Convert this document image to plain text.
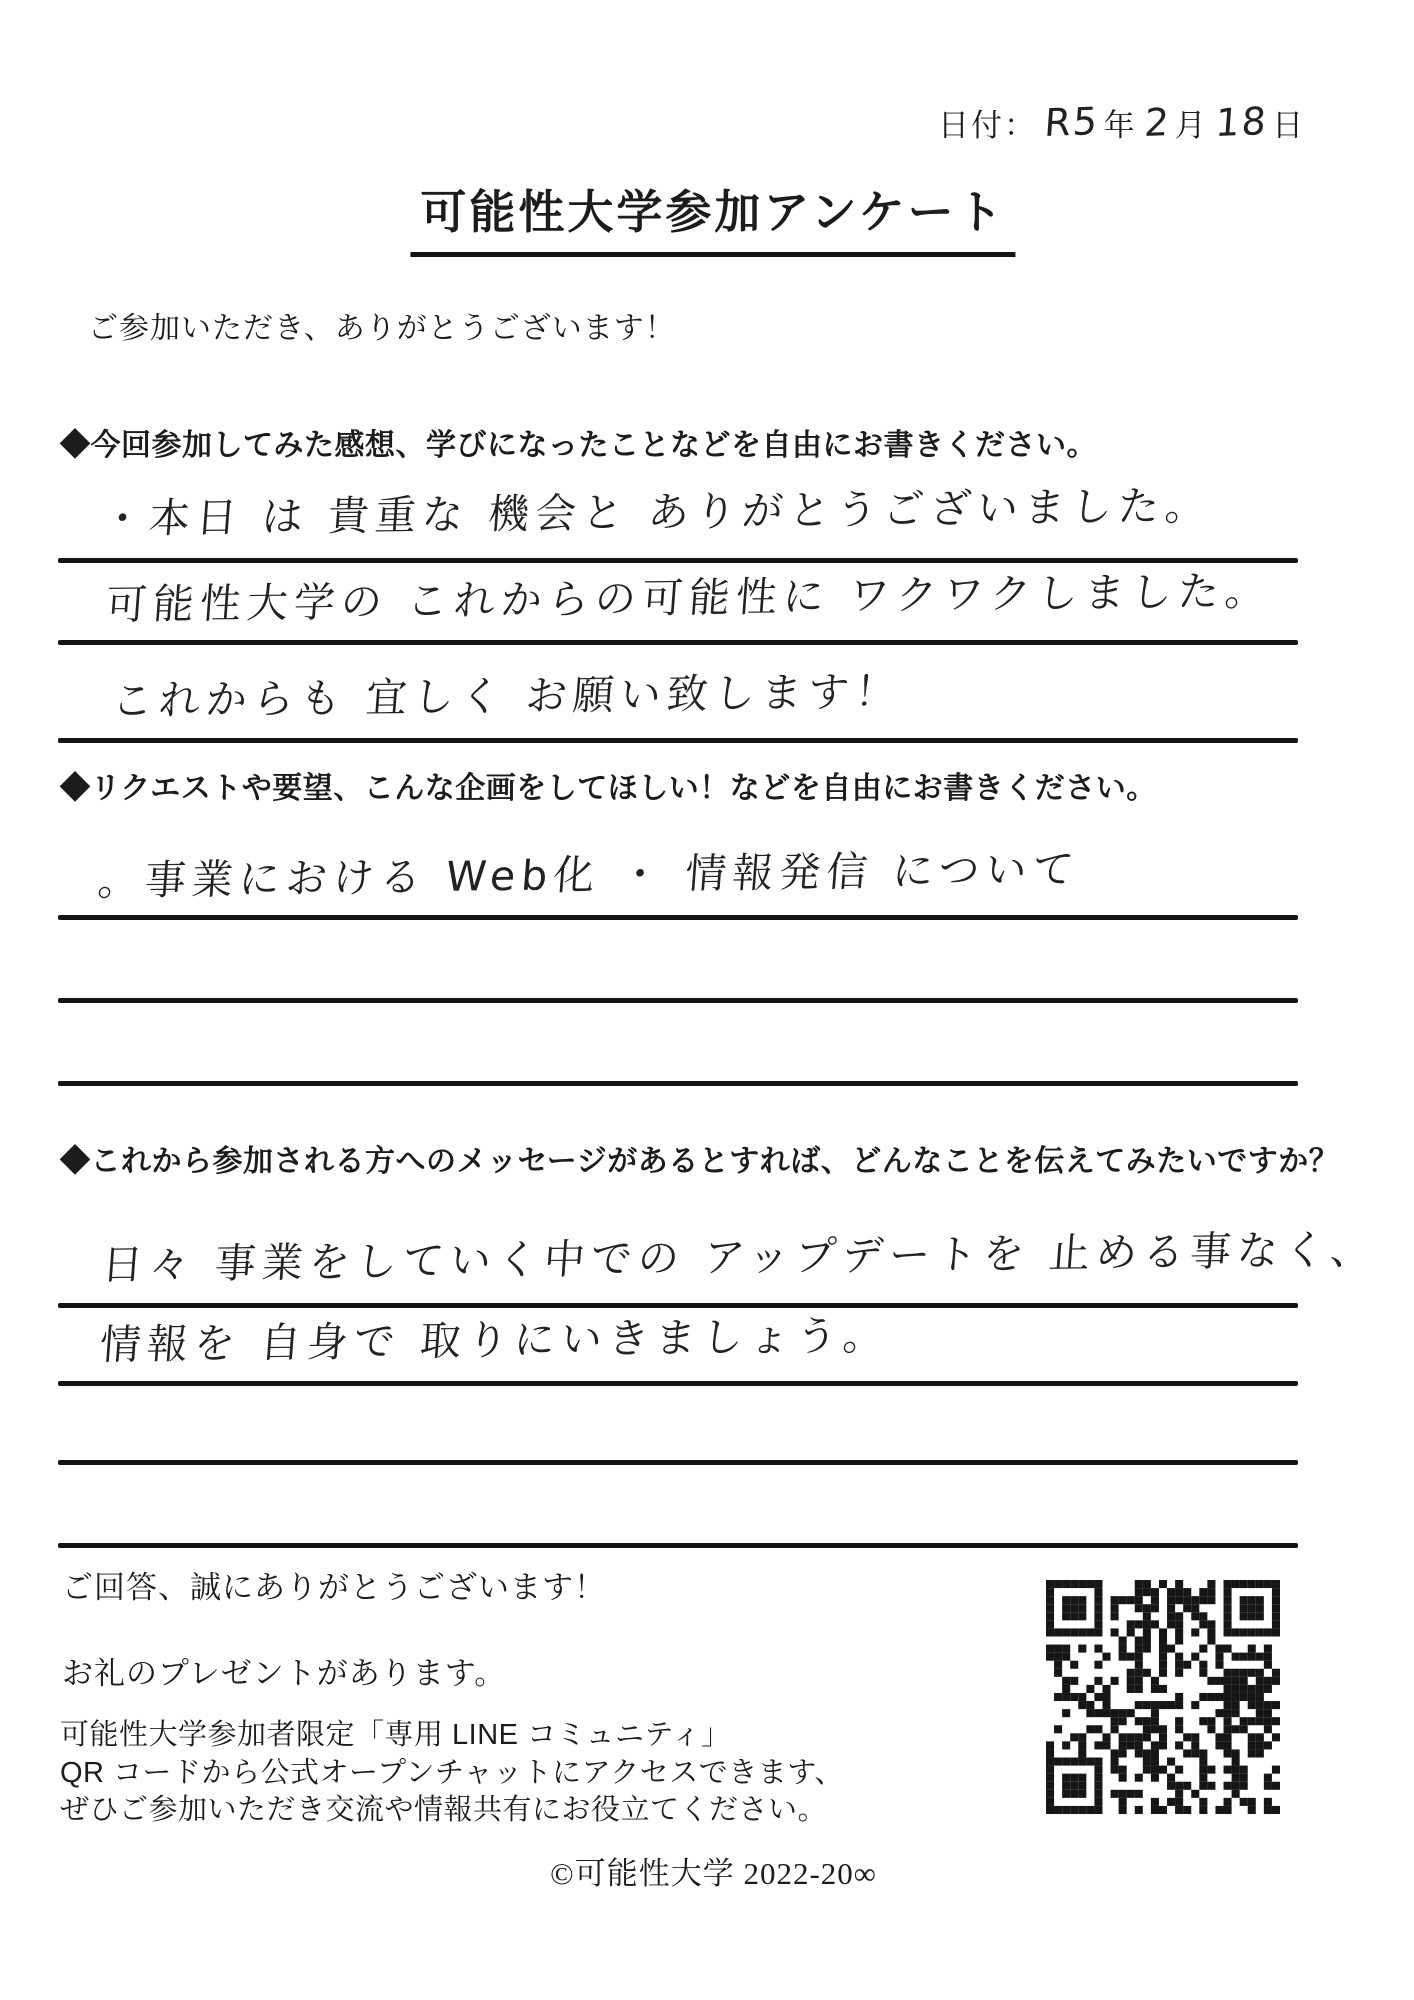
日付： R5 年 2 月 18 日
可能性大学参加アンケート

ご参加いただき、ありがとうございます！

◆今回参加してみた感想、学びになったことなどを自由にお書きください。

・本日 は 貴重な 機会と ありがとうございました。
可能性大学の これからの可能性に ワクワクしました。
これからも 宜しく お願い致します！

◆リクエストや要望、こんな企画をしてほしい！などを自由にお書きください。

。事業における Web化 ・ 情報発信 について

◆これから参加される方へのメッセージがあるとすれば、どんなことを伝えてみたいですか？

日々 事業をしていく中での アップデートを 止める事なく、
情報を 自身で 取りにいきましょう。

ご回答、誠にありがとうございます！

お礼のプレゼントがあります。

可能性大学参加者限定「専用 LINE コミュニティ」

QR コードから公式オープンチャットにアクセスできます、

ぜひご参加いただき交流や情報共有にお役立てください。

©可能性大学 2022-20∞
